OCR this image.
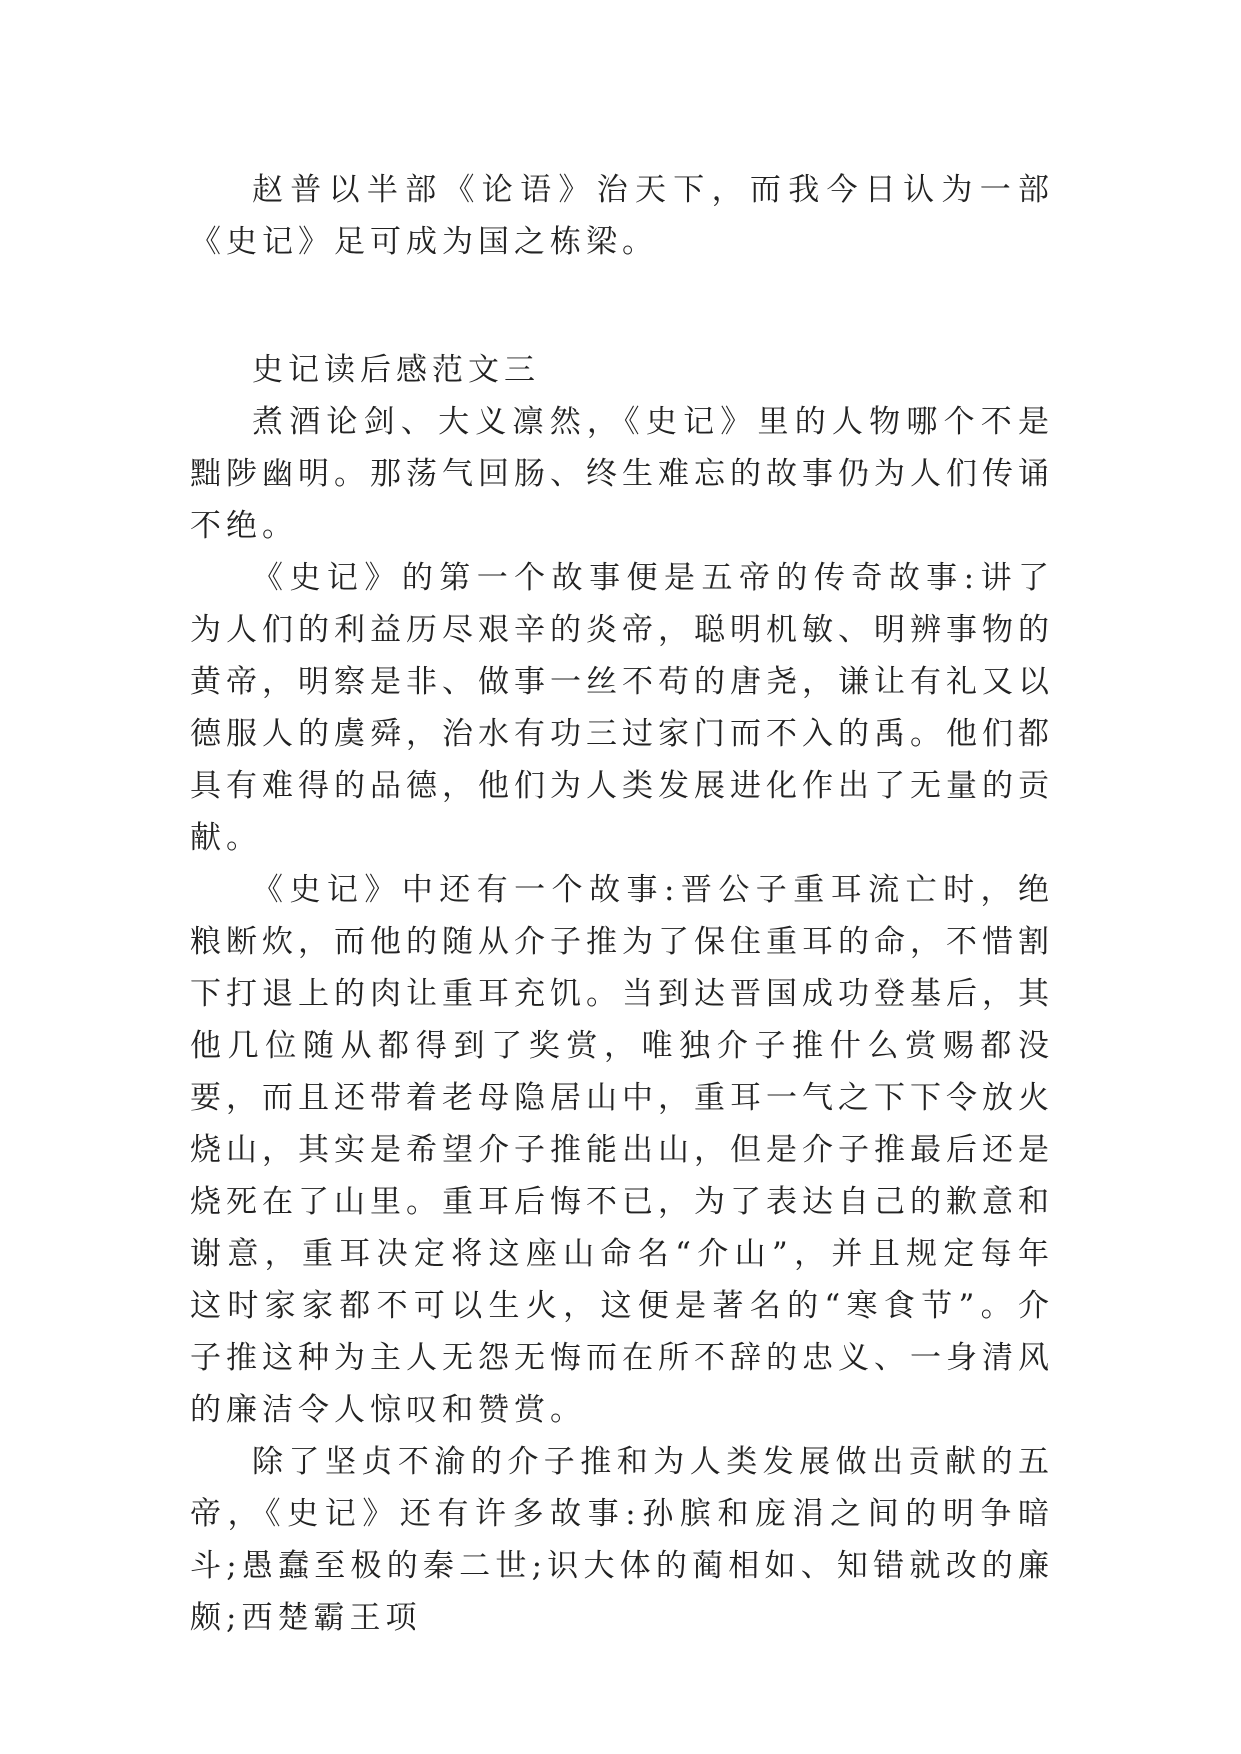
赵普以半部《论语》治天下，而我今日认为一部《史记》足可成为国之栋梁。

史记读后感范文三

煮酒论剑、大义凛然，《史记》里的人物哪个不是黜陟幽明。那荡气回肠、终生难忘的故事仍为人们传诵不绝。

《史记》的第一个故事便是五帝的传奇故事:讲了为人们的利益历尽艰辛的炎帝，聪明机敏、明辨事物的黄帝，明察是非、做事一丝不苟的唐尧，谦让有礼又以德服人的虞舜，治水有功三过家门而不入的禹。他们都具有难得的品德，他们为人类发展进化作出了无量的贡献。

《史记》中还有一个故事:晋公子重耳流亡时，绝粮断炊，而他的随从介子推为了保住重耳的命，不惜割下打退上的肉让重耳充饥。当到达晋国成功登基后，其他几位随从都得到了奖赏，唯独介子推什么赏赐都没要，而且还带着老母隐居山中，重耳一气之下下令放火烧山，其实是希望介子推能出山，但是介子推最后还是烧死在了山里。重耳后悔不已，为了表达自己的歉意和谢意，重耳决定将这座山命名“介山”，并且规定每年这时家家都不可以生火，这便是著名的“寒食节”。介子推这种为主人无怨无悔而在所不辞的忠义、一身清风的廉洁令人惊叹和赞赏。

除了坚贞不渝的介子推和为人类发展做出贡献的五帝，《史记》还有许多故事:孙膑和庞涓之间的明争暗斗;愚蠢至极的秦二世;识大体的蔺相如、知错就改的廉颇;西楚霸王项
